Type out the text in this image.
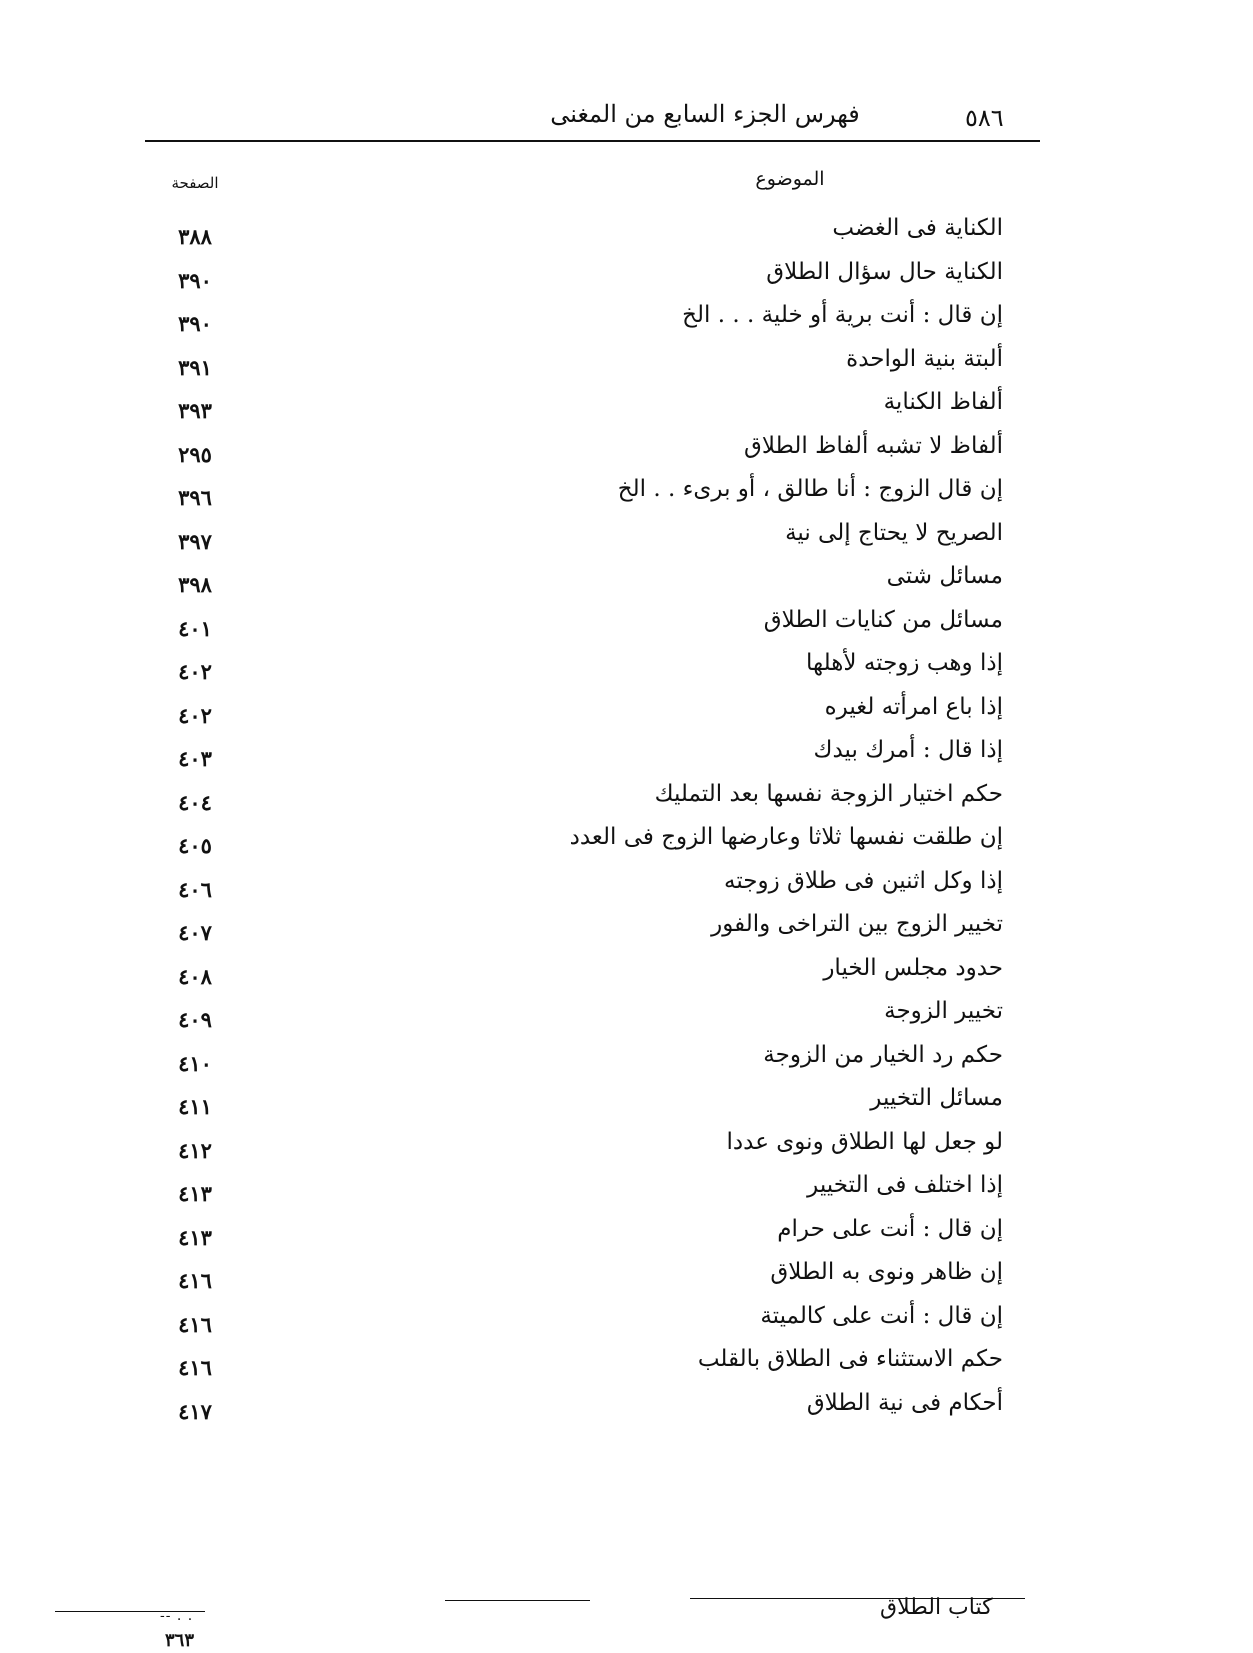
٥٨٦
فهرس الجزء السابع من المغنى
الصفحة	الموضوع
الكناية فى الغضب
٣٨٨
الكناية حال سؤال الطلاق
٣٩٠
إن قال : أنت برية أو خلية . . . الخ
٣٩٠
ألبتة بنية الواحدة
٣٩١
ألفاظ الكناية
٣٩٣
ألفاظ لا تشبه ألفاظ الطلاق
٢٩٥
إن قال الزوج : أنا طالق ، أو برىء . . الخ
٣٩٦
الصريح لا يحتاج إلى نية
٣٩٧
مسائل شتى
٣٩٨
مسائل من كنايات الطلاق
٤٠١
إذا وهب زوجته لأهلها
٤٠٢
إذا باع امرأته لغيره
٤٠٢
إذا قال : أمرك بيدك
٤٠٣
حكم اختيار الزوجة نفسها بعد التمليك
٤٠٤
إن طلقت نفسها ثلاثا وعارضها الزوج فى العدد
٤٠٥
إذا وكل اثنين فى طلاق زوجته
٤٠٦
تخيير الزوج بين التراخى والفور
٤٠٧
حدود مجلس الخيار
٤٠٨
تخيير الزوجة
٤٠٩
حكم رد الخيار من الزوجة
٤١٠
مسائل التخيير
٤١١
لو جعل لها الطلاق ونوى عددا
٤١٢
إذا اختلف فى التخيير
٤١٣
إن قال : أنت على حرام
٤١٣
إن ظاهر ونوى به الطلاق
٤١٦
إن قال : أنت على كالميتة
٤١٦
حكم الاستثناء فى الطلاق بالقلب
٤١٦
أحكام فى نية الطلاق
٤١٧
-- . .	كتاب الطلاق
٣٦٣
